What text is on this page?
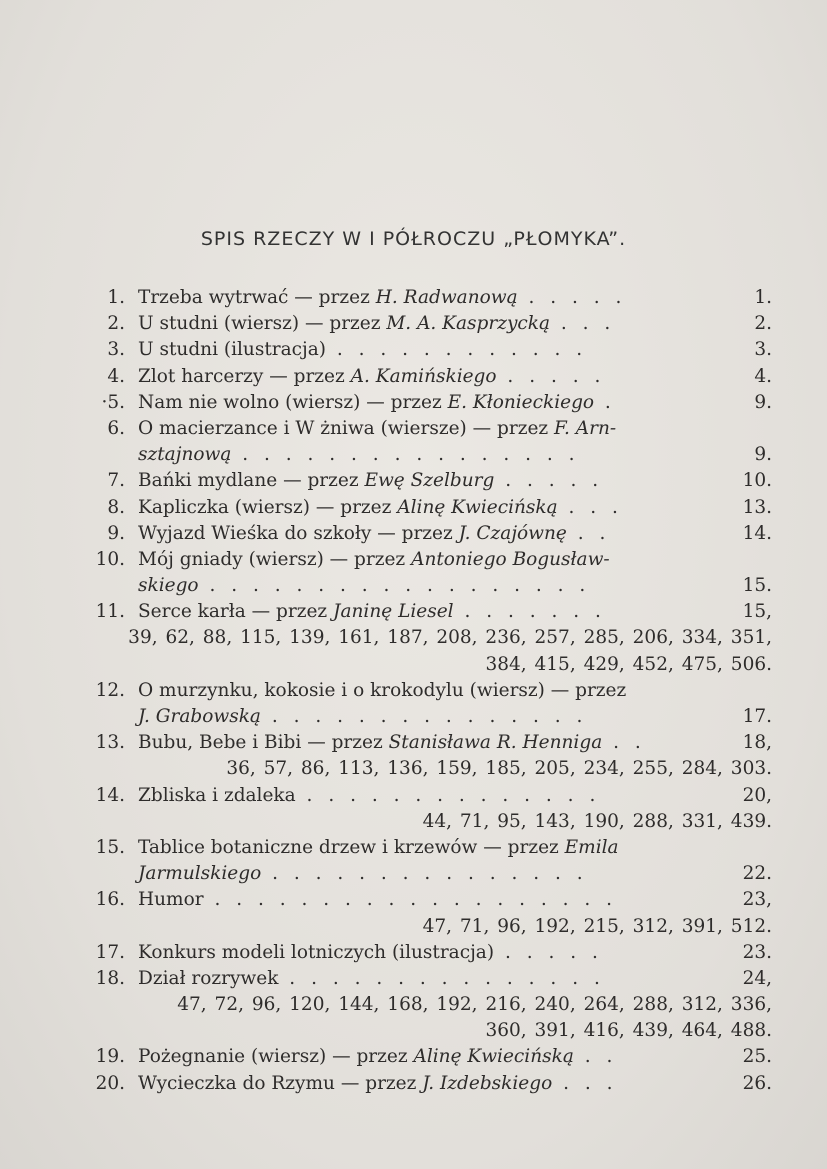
SPIS RZECZY W I PÓŁROCZU „PŁOMYKA”.
1. Trzeba wytrwać — przez H. Radwanową . . . . .	1.
2. U studni (wiersz) — przez M. A. Kasprzycką . . .	2.
3. U studni (ilustracja) . . . . . . . . . . . .	3.
4. Zlot harcerzy — przez A. Kamińskiego . . . . .	4.
·5. Nam nie wolno (wiersz) — przez E. Kłonieckiego .	9.
6. O macierzance i W żniwa (wiersze) — przez F. Arn-
sztajnową . . . . . . . . . . . . . . . .	9.
7. Bańki mydlane — przez Ewę Szelburg . . . . .	10.
8. Kapliczka (wiersz) — przez Alinę Kwiecińską . . .	13.
9. Wyjazd Wieśka do szkoły — przez J. Czajównę . .	14.
10. Mój gniady (wiersz) — przez Antoniego Bogusław-
skiego . . . . . . . . . . . . . . . . . .	15.
11. Serce karła — przez Janinę Liesel . . . . . . .	15,
39, 62, 88, 115, 139, 161, 187, 208, 236, 257, 285, 206, 334, 351,
384, 415, 429, 452, 475, 506.
12. O murzynku, kokosie i o krokodylu (wiersz) — przez
J. Grabowską . . . . . . . . . . . . . . .	17.
13. Bubu, Bebe i Bibi — przez Stanisława R. Henniga . .	18,
36, 57, 86, 113, 136, 159, 185, 205, 234, 255, 284, 303.
14. Zbliska i zdaleka . . . . . . . . . . . . . .	20,
44, 71, 95, 143, 190, 288, 331, 439.
15. Tablice botaniczne drzew i krzewów — przez Emila
Jarmulskiego . . . . . . . . . . . . . . .	22.
16. Humor . . . . . . . . . . . . . . . . . . .	23,
47, 71, 96, 192, 215, 312, 391, 512.
17. Konkurs modeli lotniczych (ilustracja) . . . . .	23.
18. Dział rozrywek . . . . . . . . . . . . . . .	24,
47, 72, 96, 120, 144, 168, 192, 216, 240, 264, 288, 312, 336,
360, 391, 416, 439, 464, 488.
19. Pożegnanie (wiersz) — przez Alinę Kwiecińską . .	25.
20. Wycieczka do Rzymu — przez J. Izdebskiego . . .	26.
